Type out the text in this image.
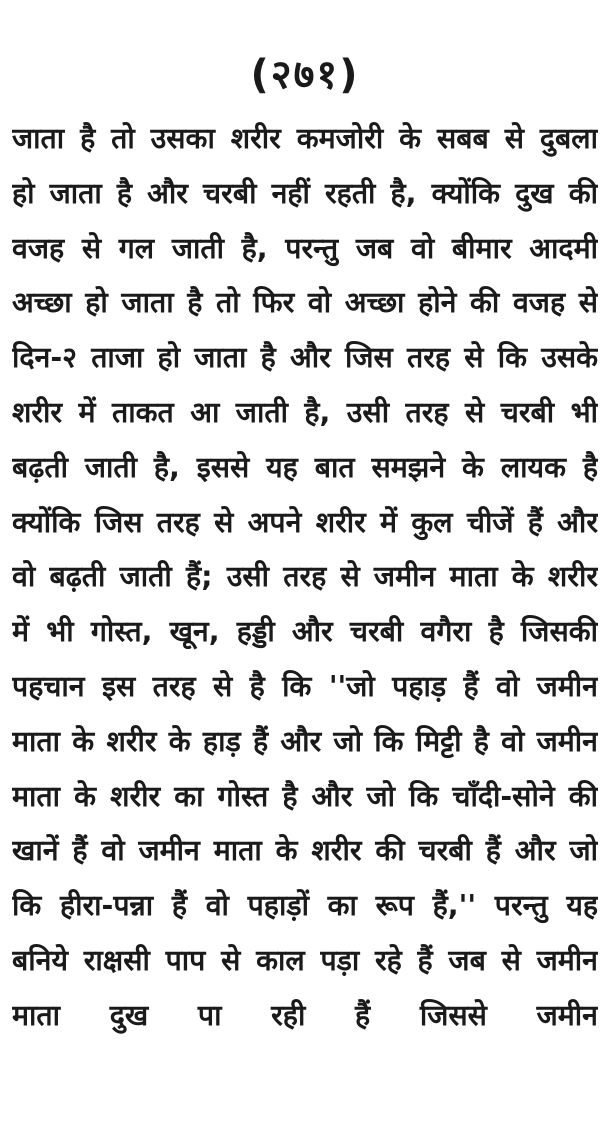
(२७१)
जाता है तो उसका शरीर कमजोरी के सबब से दुबला
हो जाता है और चरबी नहीं रहती है, क्योंकि दुख की
वजह से गल जाती है, परन्तु जब वो बीमार आदमी
अच्छा हो जाता है तो फिर वो अच्छा होने की वजह से
दिन-२ ताजा हो जाता है और जिस तरह से कि उसके
शरीर में ताकत आ जाती है, उसी तरह से चरबी भी
बढ़ती जाती है, इससे यह बात समझने के लायक है
क्योंकि जिस तरह से अपने शरीर में कुल चीजें हैं और
वो बढ़ती जाती हैं; उसी तरह से जमीन माता के शरीर
में भी गोस्त, खून, हड्डी और चरबी वगैरा है जिसकी
पहचान इस तरह से है कि ''जो पहाड़ हैं वो जमीन
माता के शरीर के हाड़ हैं और जो कि मिट्टी है वो जमीन
माता के शरीर का गोस्त है और जो कि चाँदी-सोने की
खानें हैं वो जमीन माता के शरीर की चरबी हैं और जो
कि हीरा-पन्ना हैं वो पहाड़ों का रूप हैं,'' परन्तु यह
बनिये राक्षसी पाप से काल पड़ा रहे हैं जब से जमीन
माता दुख पा रही हैं जिससे जमीन
